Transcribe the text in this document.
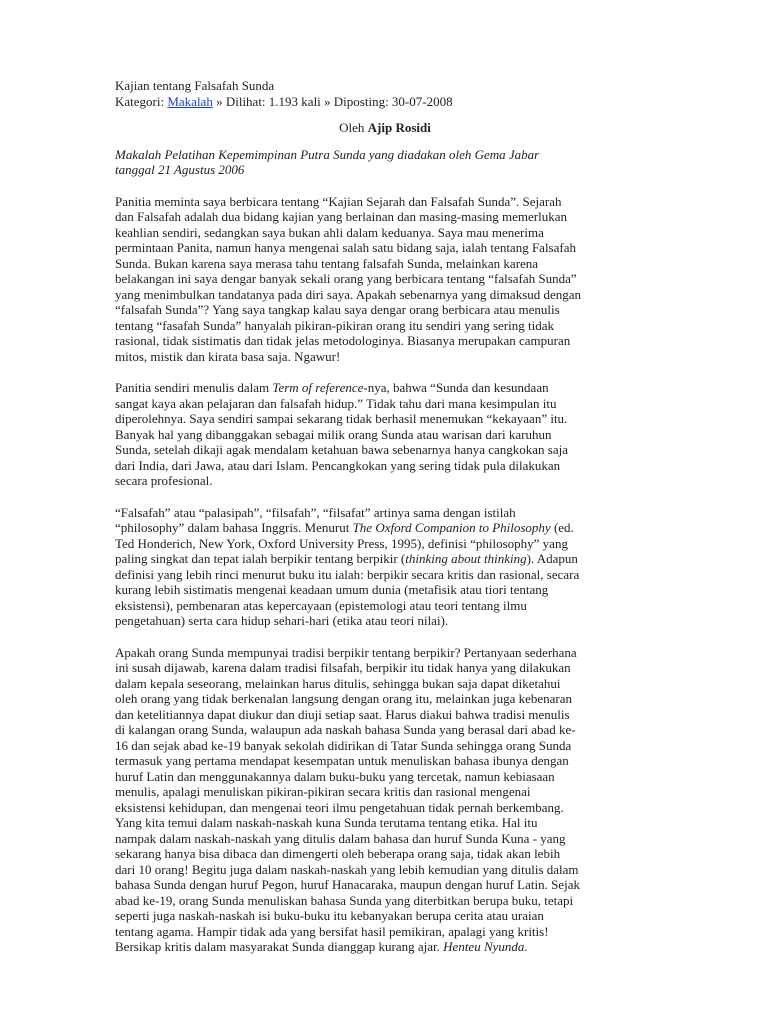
Kajian tentang Falsafah Sunda
Kategori: Makalah » Dilihat: 1.193 kali » Diposting: 30-07-2008
Oleh Ajip Rosidi
Makalah Pelatihan Kepemimpinan Putra Sunda yang diadakan oleh Gema Jabar
tanggal 21 Agustus 2006
Panitia meminta saya berbicara tentang “Kajian Sejarah dan Falsafah Sunda”. Sejarah
dan Falsafah adalah dua bidang kajian yang berlainan dan masing-masing memerlukan
keahlian sendiri, sedangkan saya bukan ahli dalam keduanya. Saya mau menerima
permintaan Panita, namun hanya mengenai salah satu bidang saja, ialah tentang Falsafah
Sunda. Bukan karena saya merasa tahu tentang falsafah Sunda, melainkan karena
belakangan ini saya dengar banyak sekali orang yang berbicara tentang “falsafah Sunda”
yang menimbulkan tandatanya pada diri saya. Apakah sebenarnya yang dimaksud dengan
“falsafah Sunda”? Yang saya tangkap kalau saya dengar orang berbicara atau menulis
tentang “fasafah Sunda” hanyalah pikiran-pikiran orang itu sendiri yang sering tidak
rasional, tidak sistimatis dan tidak jelas metodologinya. Biasanya merupakan campuran
mitos, mistik dan kirata basa saja. Ngawur!
Panitia sendiri menulis dalam Term of reference-nya, bahwa “Sunda dan kesundaan
sangat kaya akan pelajaran dan falsafah hidup.” Tidak tahu dari mana kesimpulan itu
diperolehnya. Saya sendiri sampai sekarang tidak berhasil menemukan “kekayaan” itu.
Banyak hal yang dibanggakan sebagai milik orang Sunda atau warisan dari karuhun
Sunda, setelah dikaji agak mendalam ketahuan bawa sebenarnya hanya cangkokan saja
dari India, dari Jawa, atau dari Islam. Pencangkokan yang sering tidak pula dilakukan
secara profesional.
“Falsafah” atau “palasipah”, “filsafah”, “filsafat” artinya sama dengan istilah
“philosophy” dalam bahasa Inggris. Menurut The Oxford Companion to Philosophy (ed.
Ted Honderich, New York, Oxford University Press, 1995), definisi “philosophy” yang
paling singkat dan tepat ialah berpikir tentang berpikir (thinking about thinking). Adapun
definisi yang lebih rinci menurut buku itu ialah: berpikir secara kritis dan rasional, secara
kurang lebih sistimatis mengenai keadaan umum dunia (metafisik atau tiori tentang
eksistensi), pembenaran atas kepercayaan (epistemologi atau teori tentang ilmu
pengetahuan) serta cara hidup sehari-hari (etika atau teori nilai).
Apakah orang Sunda mempunyai tradisi berpikir tentang berpikir? Pertanyaan sederhana
ini susah dijawab, karena dalam tradisi filsafah, berpikir itu tidak hanya yang dilakukan
dalam kepala seseorang, melainkan harus ditulis, sehingga bukan saja dapat diketahui
oleh orang yang tidak berkenalan langsung dengan orang itu, melainkan juga kebenaran
dan ketelitiannya dapat diukur dan diuji setiap saat. Harus diakui bahwa tradisi menulis
di kalangan orang Sunda, walaupun ada naskah bahasa Sunda yang berasal dari abad ke-
16 dan sejak abad ke-19 banyak sekolah didirikan di Tatar Sunda sehingga orang Sunda
termasuk yang pertama mendapat kesempatan untuk menuliskan bahasa ibunya dengan
huruf Latin dan menggunakannya dalam buku-buku yang tercetak, namun kebiasaan
menulis, apalagi menuliskan pikiran-pikiran secara kritis dan rasional mengenai
eksistensi kehidupan, dan mengenai teori ilmu pengetahuan tidak pernah berkembang.
Yang kita temui dalam naskah-naskah kuna Sunda terutama tentang etika. Hal itu
nampak dalam naskah-naskah yang ditulis dalam bahasa dan huruf Sunda Kuna - yang
sekarang hanya bisa dibaca dan dimengerti oleh beberapa orang saja, tidak akan lebih
dari 10 orang! Begitu juga dalam naskah-naskah yang lebih kemudian yang ditulis dalam
bahasa Sunda dengan huruf Pegon, huruf Hanacaraka, maupun dengan huruf Latin. Sejak
abad ke-19, orang Sunda menuliskan bahasa Sunda yang diterbitkan berupa buku, tetapi
seperti juga naskah-naskah isi buku-buku itu kebanyakan berupa cerita atau uraian
tentang agama. Hampir tidak ada yang bersifat hasil pemikiran, apalagi yang kritis!
Bersikap kritis dalam masyarakat Sunda dianggap kurang ajar. Henteu Nyunda.
